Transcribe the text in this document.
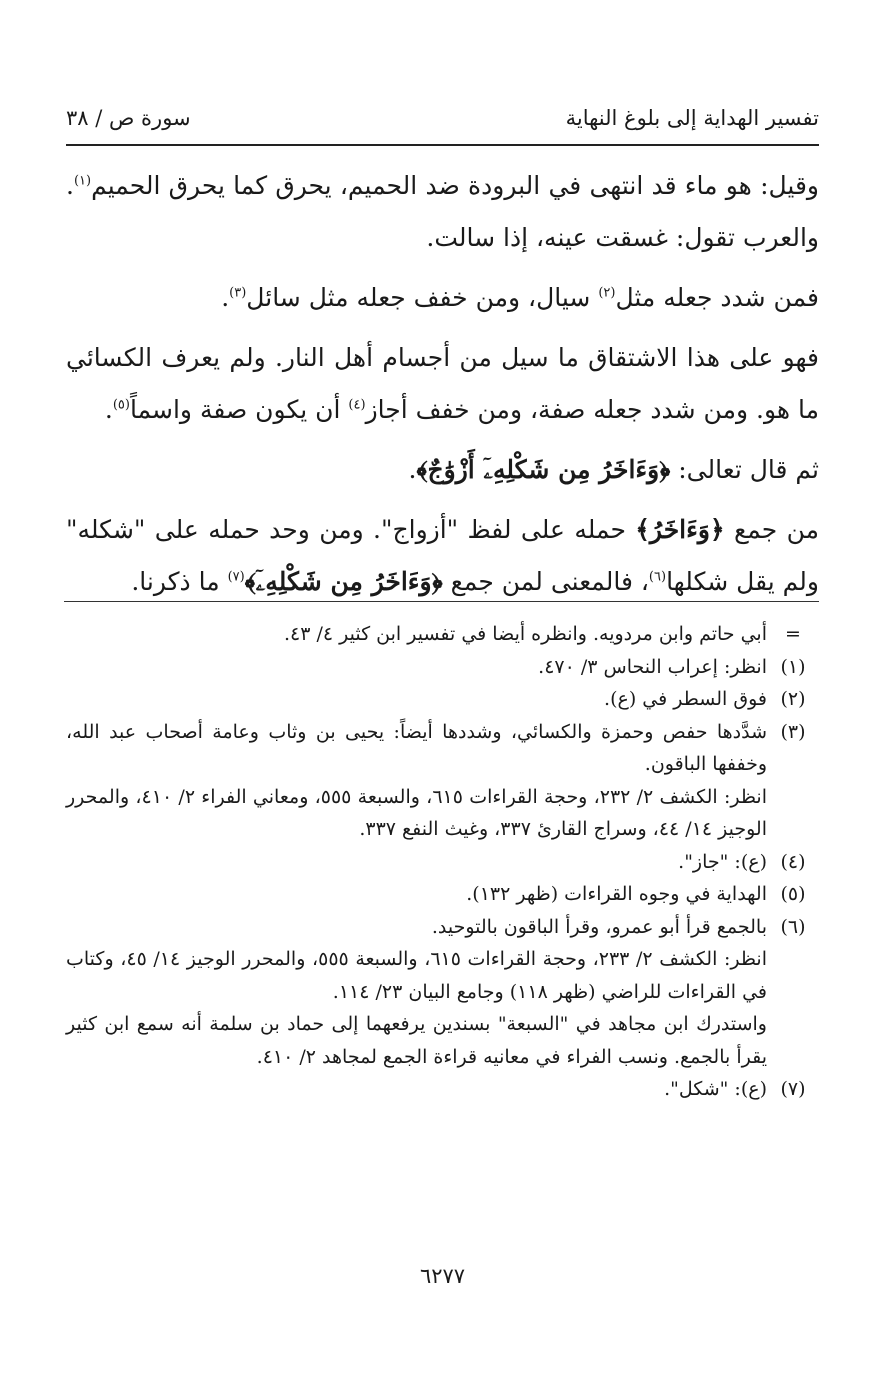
تفسير الهداية إلى بلوغ النهاية
سورة ص / ٣٨

وقيل: هو ماء قد انتهى في البرودة ضد الحميم، يحرق كما يحرق الحميم$^{(١)}$. والعرب تقول: غسقت عينه، إذا سالت.

فمن شدد جعله مثل$^{(٢)}$ سيال، ومن خفف جعله مثل سائل$^{(٣)}$.

فهو على هذا الاشتقاق ما سيل من أجسام أهل النار. ولم يعرف الكسائي ما هو. ومن شدد جعله صفة، ومن خفف أجاز$^{(٤)}$ أن يكون صفة واسماً$^{(٥)}$.

ثم قال تعالى: ﴿وَءَاخَرُ مِن شَكْلِهِۦٓ أَزْوَٰجٌ﴾.

من جمع ﴿وَءَاخَرُ﴾ حمله على لفظ "أزواج". ومن وحد حمله على "شكله" ولم يقل شكلها$^{(٦)}$، فالمعنى لمن جمع ﴿وَءَاخَرُ مِن شَكْلِهِۦٓ﴾$^{(٧)}$ ما ذكرنا.

=
أبي حاتم وابن مردويه. وانظره أيضا في تفسير ابن كثير ٤/ ٤٣.
(١)
انظر: إعراب النحاس ٣/ ٤٧٠.
(٢)
فوق السطر في (ع).
(٣)
شدَّدها حفص وحمزة والكسائي، وشددها أيضاً: يحيى بن وثاب وعامة أصحاب عبد الله، وخففها الباقون.
انظر: الكشف ٢/ ٢٣٢، وحجة القراءات ٦١٥، والسبعة ٥٥٥، ومعاني الفراء ٢/ ٤١٠، والمحرر الوجيز ١٤/ ٤٤، وسراج القارئ ٣٣٧، وغيث النفع ٣٣٧.
(٤)
(ع): "جاز".
(٥)
الهداية في وجوه القراءات (ظهر ١٣٢).
(٦)
بالجمع قرأ أبو عمرو، وقرأ الباقون بالتوحيد.
انظر: الكشف ٢/ ٢٣٣، وحجة القراءات ٦١٥، والسبعة ٥٥٥، والمحرر الوجيز ١٤/ ٤٥، وكتاب في القراءات للراضي (ظهر ١١٨) وجامع البيان ٢٣/ ١١٤.
واستدرك ابن مجاهد في "السبعة" بسندين يرفعهما إلى حماد بن سلمة أنه سمع ابن كثير يقرأ بالجمع. ونسب الفراء في معانيه قراءة الجمع لمجاهد ٢/ ٤١٠.
(٧)
(ع): "شكل".
٦٢٧٧
